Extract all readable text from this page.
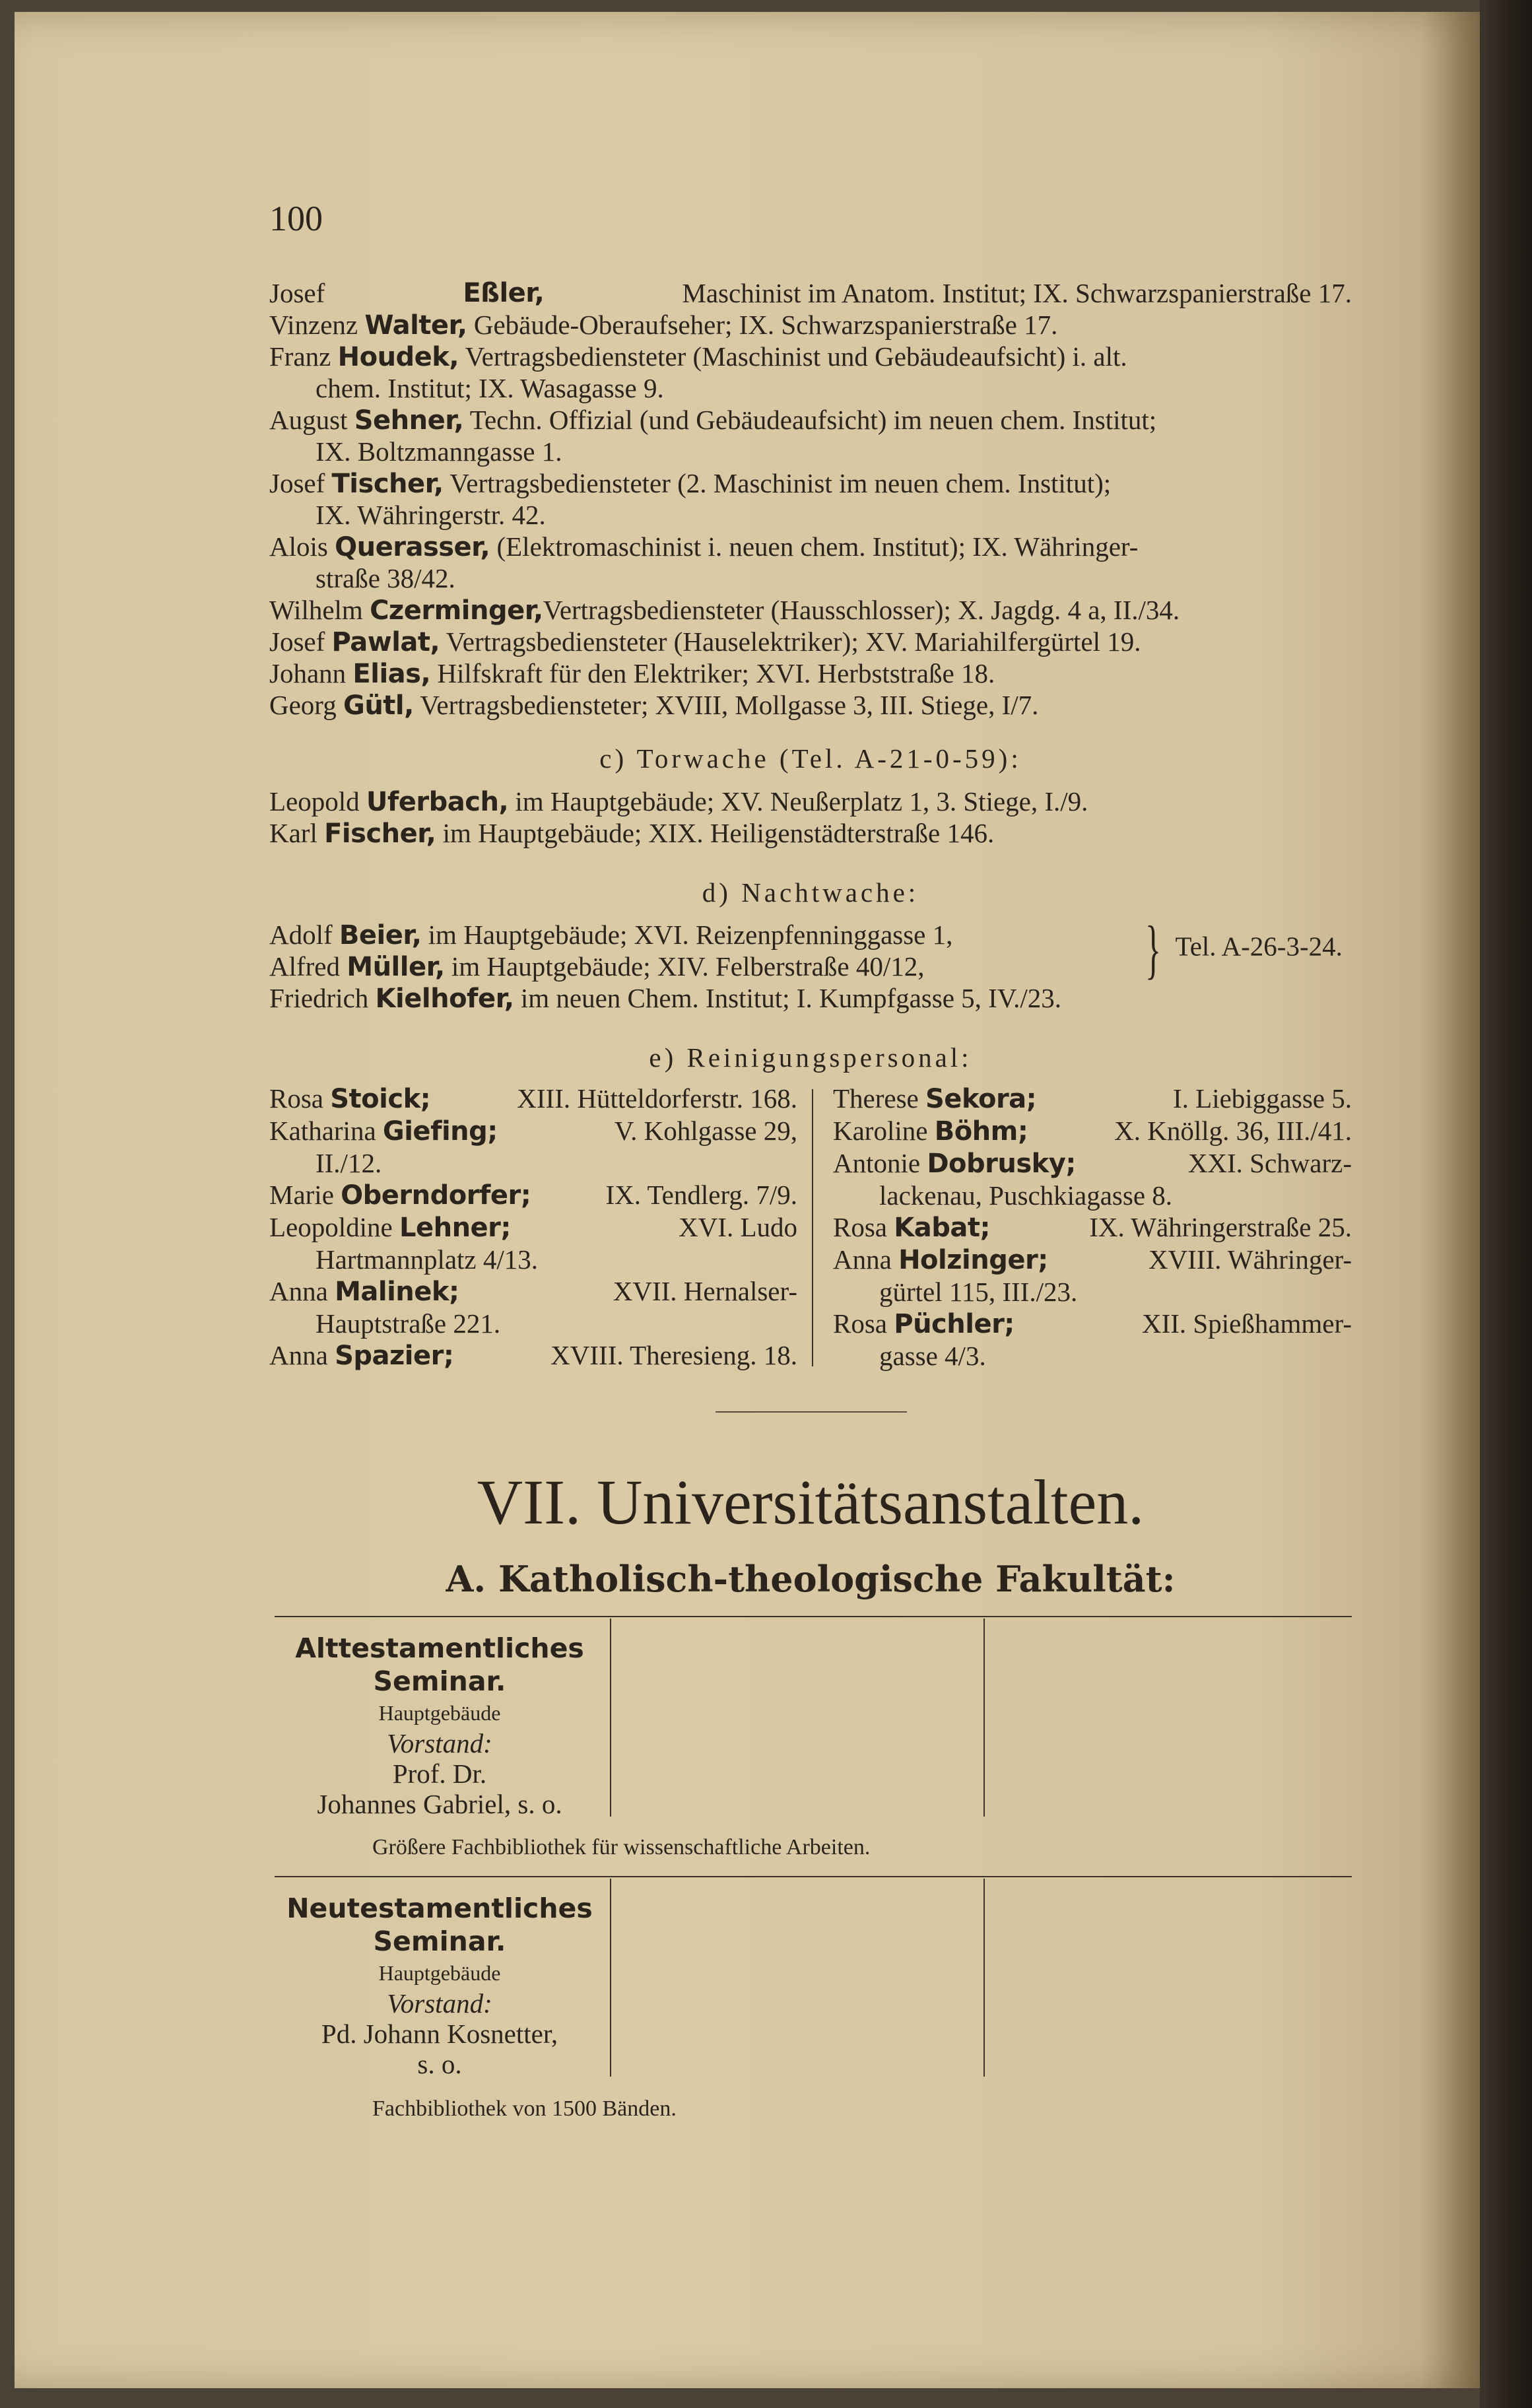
100
Josef	Eßler,	Maschinist im Anatom. Institut; IX. Schwarzspanierstraße 17.
Vinzenz Walter, Gebäude-Oberaufseher; IX. Schwarzspanierstraße 17.
Franz Houdek, Vertragsbediensteter (Maschinist und Gebäudeaufsicht) i. alt.
chem. Institut; IX. Wasagasse 9.
August Sehner, Techn. Offizial (und Gebäudeaufsicht) im neuen chem. Institut;
IX. Boltzmanngasse 1.
Josef Tischer, Vertragsbediensteter (2. Maschinist im neuen chem. Institut);
IX. Währingerstr. 42.
Alois Querasser, (Elektromaschinist i. neuen chem. Institut); IX. Währinger-
straße 38/42.
Wilhelm Czerminger,Vertragsbediensteter (Hausschlosser); X. Jagdg. 4 a, II./34.
Josef Pawlat, Vertragsbediensteter (Hauselektriker); XV. Mariahilfergürtel 19.
Johann Elias, Hilfskraft für den Elektriker; XVI. Herbststraße 18.
Georg Gütl, Vertragsbediensteter; XVIII, Mollgasse 3, III. Stiege, I/7.
c) Torwache (Tel. A-21-0-59):
Leopold Uferbach, im Hauptgebäude; XV. Neußerplatz 1, 3. Stiege, I./9.
Karl Fischer, im Hauptgebäude; XIX. Heiligenstädterstraße 146.
d) Nachtwache:
Adolf Beier, im Hauptgebäude; XVI. Reizenpfenninggasse 1,
Alfred Müller, im Hauptgebäude; XIV. Felberstraße 40/12,	} Tel. A-26-3-24.
Friedrich Kielhofer, im neuen Chem. Institut; I. Kumpfgasse 5, IV./23.
e) Reinigungspersonal:
Rosa Stoick;	XIII. Hütteldorferstr. 168.
Katharina Giefing;	V. Kohlgasse 29,
II./12.
Marie Oberndorfer;	IX. Tendlerg. 7/9.
Leopoldine Lehner;	XVI. Ludo
Hartmannplatz 4/13.
Anna Malinek;	XVII. Hernalser-
Hauptstraße 221.
Anna Spazier;	XVIII. Theresieng. 18.
Therese Sekora;	I. Liebiggasse 5.
Karoline Böhm;	X. Knöllg. 36, III./41.
Antonie Dobrusky;	XXI. Schwarz-
lackenau, Puschkiagasse 8.
Rosa Kabat;	IX. Währingerstraße 25.
Anna Holzinger;	XVIII. Währinger-
gürtel 115, III./23.
Rosa Püchler;	XII. Spießhammer-
gasse 4/3.
VII. Universitätsanstalten.
A. Katholisch-theologische Fakultät:
Alttestamentliches
Seminar.
Hauptgebäude
Vorstand:
Prof. Dr.
Johannes Gabriel, s. o.
Größere Fachbibliothek für wissenschaftliche Arbeiten.
Neutestamentliches
Seminar.
Hauptgebäude
Vorstand:
Pd. Johann Kosnetter,
s. o.
Fachbibliothek von 1500 Bänden.
